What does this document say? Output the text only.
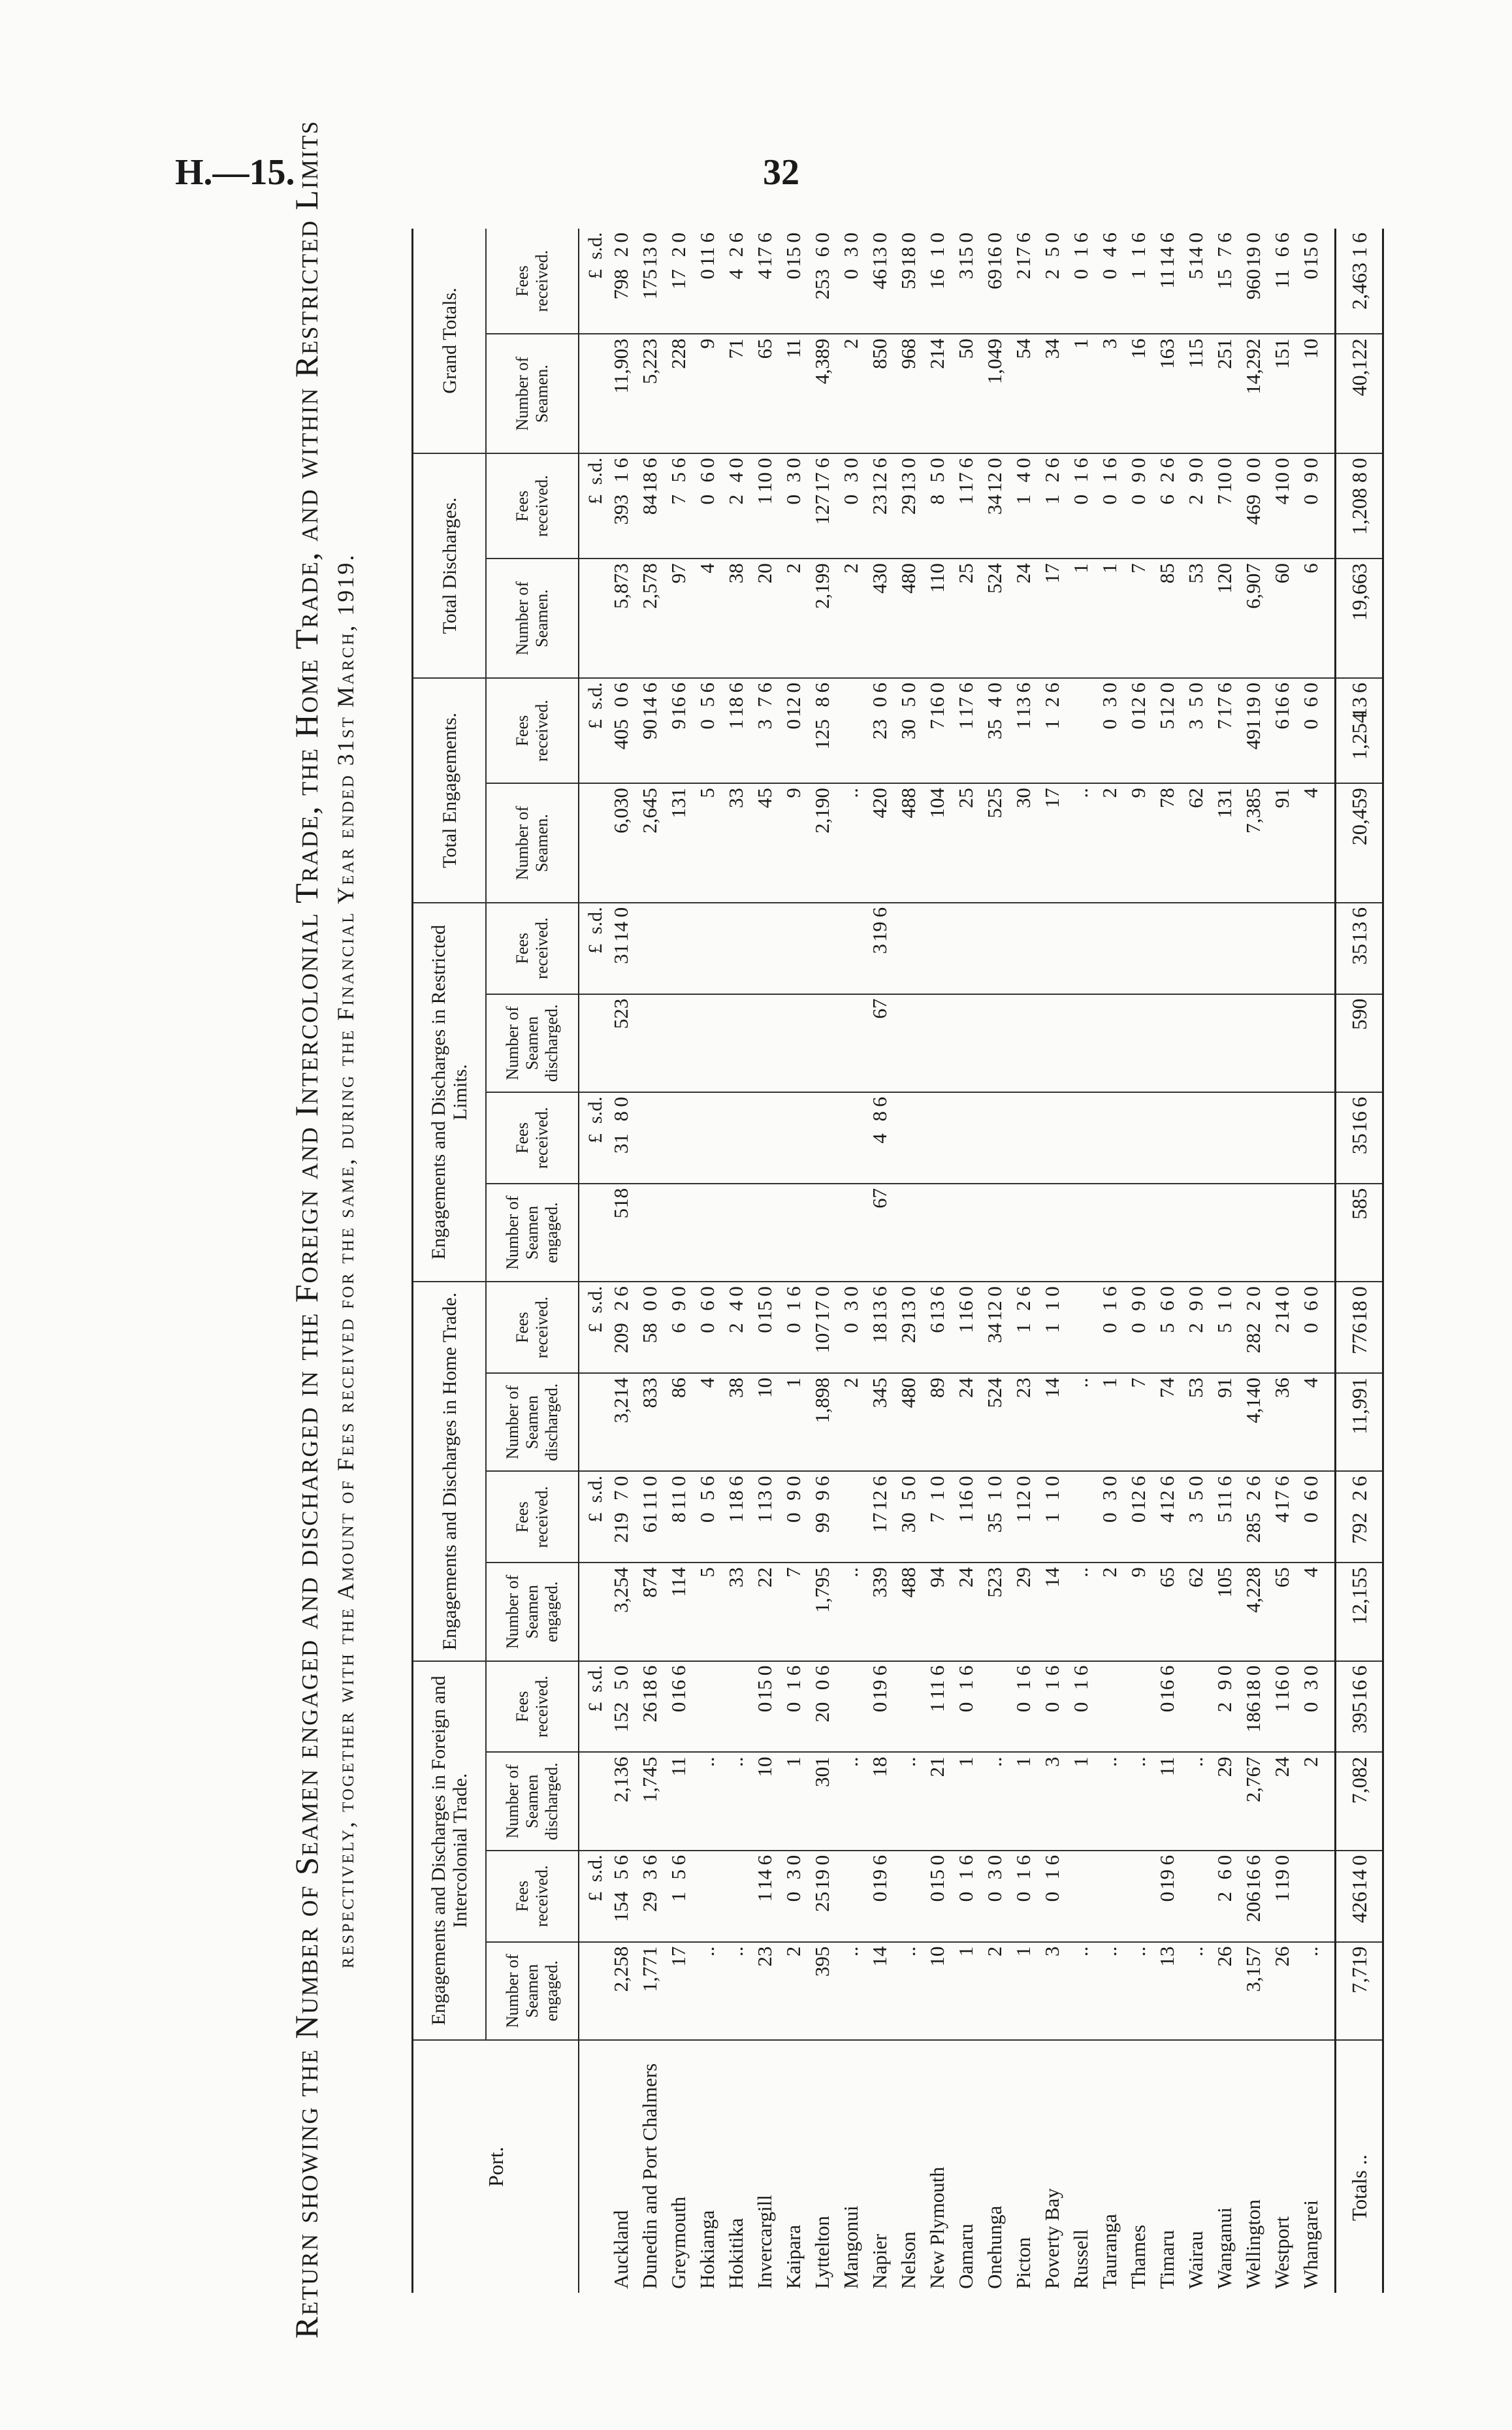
H.—15.	32
Return showing the Number of Seamen engaged and discharged in the Foreign and Intercolonial Trade, the Home Trade, and within Restricted Limits respectively, together with the Amount of Fees received for the same, during the Financial Year ended 31st March, 1919.
Port.	Engagements and Discharges in Foreign and Intercolonial Trade.				Engagements and Discharges in Home Trade.				Engagements and Discharges in Restricted Limits.				Total Engagements.		Total Discharges.		Grand Totals.	
	Number of Seamen engaged.	Fees received.	Number of Seamen discharged.	Fees received.	Number of Seamen engaged.	Fees received.	Number of Seamen discharged.	Fees received.	Number of Seamen engaged.	Fees received.	Number of Seamen discharged.	Fees received.	Number of Seamen.	Fees received.	Number of Seamen.	Fees received.	Number of Seamen.	Fees received.
		£s.d.		£s.d.		£s.d.		£s.d.		£s.d.		£s.d.		£s.d.		£s.d.		£s.d.
Auckland	2,258	15456	2,136	15250	3,254	21970	3,214	20926	518	3180	523	31140	6,030	40506	5,873	39316	11,903	79820
Dunedin and Port Chalmers	1,771	2936	1,745	26186	874	61110	833	5800					2,645	90146	2,578	84186	5,223	175130
Greymouth	17	156	11	0166	114	8110	86	690					131	9166	97	756	228	1720
Hokianga	..		..		5	056	4	060					5	056	4	060	9	0116
Hokitika	..		..		33	1186	38	240					33	1186	38	240	71	426
Invercargill	23	1146	10	0150	22	1130	10	0150					45	376	20	1100	65	4176
Kaipara	2	030	1	016	7	090	1	016					9	0120	2	030	11	0150
Lyttelton	395	25190	301	2006	1,795	9996	1,898	107170					2,190	12586	2,199	127176	4,389	25360
Mangonui	..		..		..		2	030					..		2	030	2	030
Napier	14	0196	18	0196	339	17126	345	18136	67	486	67	3196	420	2306	430	23126	850	46130
Nelson	..		..		488	3050	480	29130					488	3050	480	29130	968	59180
New Plymouth	10	0150	21	1116	94	710	89	6136					104	7160	110	850	214	1610
Oamaru	1	016	1	016	24	1160	24	1160					25	1176	25	1176	50	3150
Onehunga	2	030	..		523	3510	524	34120					525	3540	524	34120	1,049	69160
Picton	1	016	1	016	29	1120	23	126					30	1136	24	140	54	2176
Poverty Bay	3	016	3	016	14	110	14	110					17	126	17	126	34	250
Russell	..		1	016	..		..						..		1	016	1	016
Tauranga	..		..		2	030	1	016					2	030	1	016	3	046
Thames	..		..		9	0126	7	090					9	0126	7	090	16	116
Timaru	13	0196	11	0166	65	4126	74	560					78	5120	85	626	163	11146
Wairau	..		..		62	350	53	290					62	350	53	290	115	5140
Wanganui	26	260	29	290	105	5116	91	510					131	7176	120	7100	251	1576
Wellington	3,157	206166	2,767	186180	4,228	28526	4,140	28220					7,385	491190	6,907	46900	14,292	960190
Westport	26	1190	24	1160	65	4176	36	2140					91	6166	60	4100	151	1166
Whangarei	..		2	030	4	060	4	060					4	060	6	090	10	0150
Totals ..	7,719	426140	7,082	395166	12,155	79226	11,991	776180	585	35166	590	35136	20,459	1,254136	19,663	1,20880	40,122	2,46316
